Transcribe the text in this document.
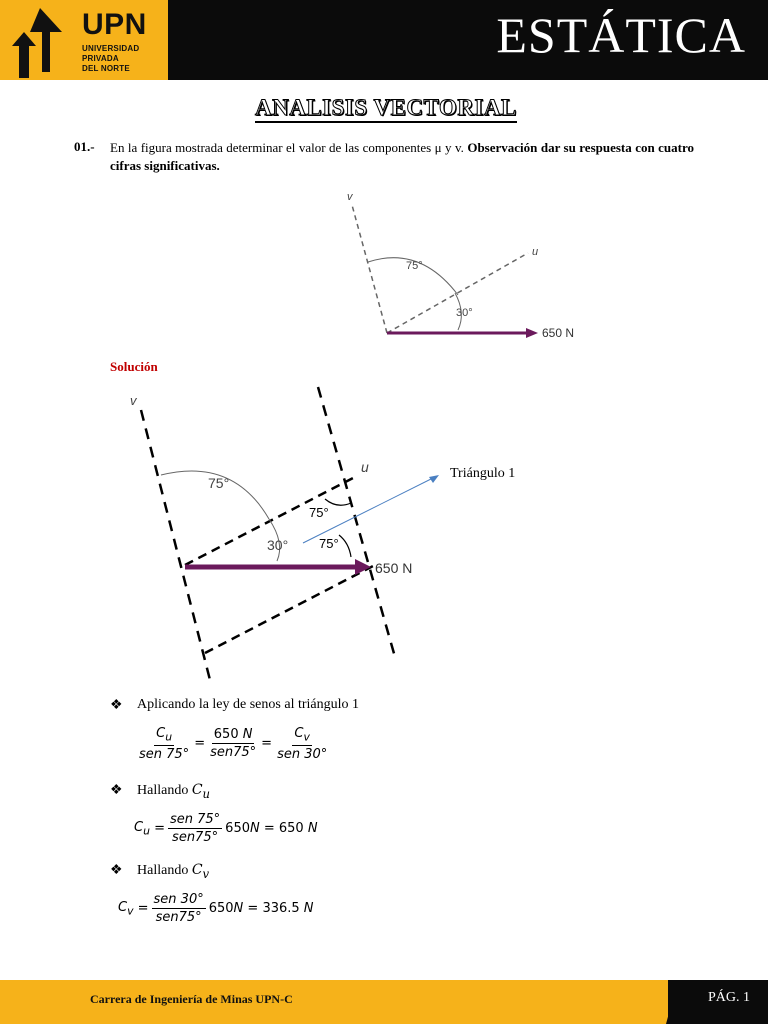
UPN
UNIVERSIDAD
PRIVADA
DEL NORTE
ESTÁTICA
ANALISIS VECTORIAL
01.- En la figura mostrada determinar el valor de las componentes μ y v. Observación dar su respuesta con cuatro cifras significativas.
v
u
75°
30°
650 N
Solución
v
u
75°
30°
75°
75°
650 N
Triángulo 1
❖ Aplicando la ley de senos al triángulo 1
$\frac{C_u}{\text{sen 75°}} = \frac{650 N}{\text{sen75°}} = \frac{C_v}{\text{sen 30°}}$
❖ Hallando $C_u$
$C_u = \frac{\text{sen 75°}}{\text{sen75°}} 650$ N = 650 N
❖ Hallando $C_v$
$C_v = \frac{\text{sen 30°}}{\text{sen75°}} 650$ N = 336.5 N
Carrera de Ingeniería de Minas UPN-C	PÁG. 1
